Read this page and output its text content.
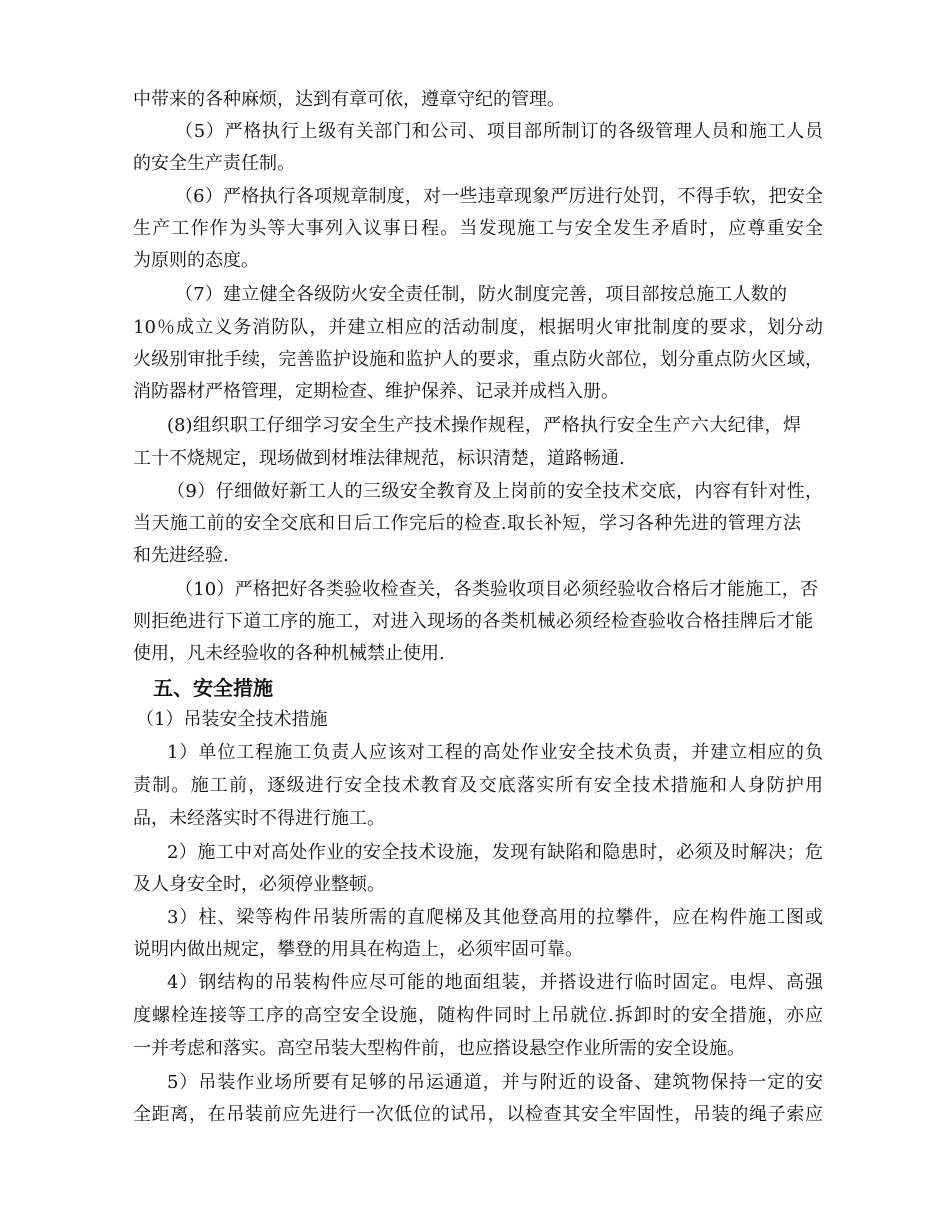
中带来的各种麻烦，达到有章可依，遵章守纪的管理。
（5）严格执行上级有关部门和公司、项目部所制订的各级管理人员和施工人员
的安全生产责任制。
（6）严格执行各项规章制度，对一些违章现象严厉进行处罚，不得手软，把安全
生产工作作为头等大事列入议事日程。当发现施工与安全发生矛盾时，应尊重安全
为原则的态度。
（7）建立健全各级防火安全责任制，防火制度完善，项目部按总施工人数的
10％成立义务消防队，并建立相应的活动制度，根据明火审批制度的要求，划分动
火级别审批手续，完善监护设施和监护人的要求，重点防火部位，划分重点防火区域，
消防器材严格管理，定期检查、维护保养、记录并成档入册。
(8)组织职工仔细学习安全生产技术操作规程，严格执行安全生产六大纪律，焊
工十不烧规定，现场做到材堆法律规范，标识清楚，道路畅通.
（9）仔细做好新工人的三级安全教育及上岗前的安全技术交底，内容有针对性，
当天施工前的安全交底和日后工作完后的检查.取长补短，学习各种先进的管理方法
和先进经验.
（10）严格把好各类验收检查关，各类验收项目必须经验收合格后才能施工，否
则拒绝进行下道工序的施工，对进入现场的各类机械必须经检查验收合格挂牌后才能
使用，凡未经验收的各种机械禁止使用.
五、安全措施
（1）吊装安全技术措施
1）单位工程施工负责人应该对工程的高处作业安全技术负责，并建立相应的负
责制。施工前，逐级进行安全技术教育及交底落实所有安全技术措施和人身防护用
品，未经落实时不得进行施工。
2）施工中对高处作业的安全技术设施，发现有缺陷和隐患时，必须及时解决；危
及人身安全时，必须停业整顿。
3）柱、梁等构件吊装所需的直爬梯及其他登高用的拉攀件，应在构件施工图或
说明内做出规定，攀登的用具在构造上，必须牢固可靠。
4）钢结构的吊装构件应尽可能的地面组装，并搭设进行临时固定。电焊、高强
度螺栓连接等工序的高空安全设施，随构件同时上吊就位.拆卸时的安全措施，亦应
一并考虑和落实。高空吊装大型构件前，也应搭设悬空作业所需的安全设施。
5）吊装作业场所要有足够的吊运通道，并与附近的设备、建筑物保持一定的安
全距离，在吊装前应先进行一次低位的试吊，以检查其安全牢固性，吊装的绳子索应
